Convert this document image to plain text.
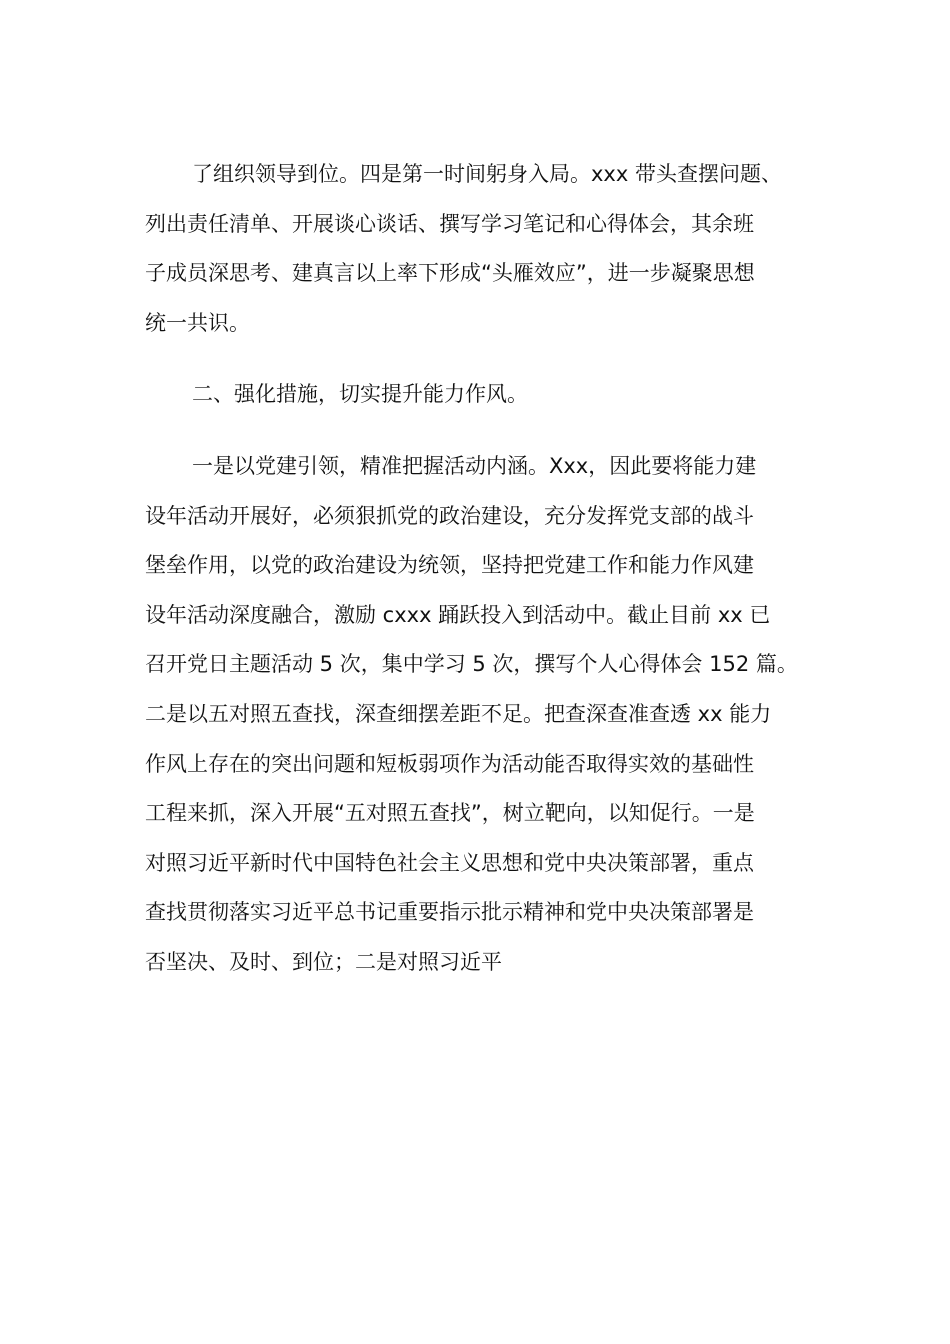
了组织领导到位。四是第一时间躬身入局。xxx 带头查摆问题、
列出责任清单、开展谈心谈话、撰写学习笔记和心得体会，其余班
子成员深思考、建真言以上率下形成“头雁效应”，进一步凝聚思想
统一共识。
二、强化措施，切实提升能力作风。
一是以党建引领，精准把握活动内涵。Xxx，因此要将能力建
设年活动开展好，必须狠抓党的政治建设，充分发挥党支部的战斗
堡垒作用，以党的政治建设为统领，坚持把党建工作和能力作风建
设年活动深度融合，激励 cxxx 踊跃投入到活动中。截止目前 xx 已
召开党日主题活动 5 次，集中学习 5 次，撰写个人心得体会 152 篇。
二是以五对照五查找，深查细摆差距不足。把查深查准查透 xx 能力
作风上存在的突出问题和短板弱项作为活动能否取得实效的基础性
工程来抓，深入开展“五对照五查找”，树立靶向，以知促行。一是
对照习近平新时代中国特色社会主义思想和党中央决策部署，重点
查找贯彻落实习近平总书记重要指示批示精神和党中央决策部署是
否坚决、及时、到位；二是对照习近平
